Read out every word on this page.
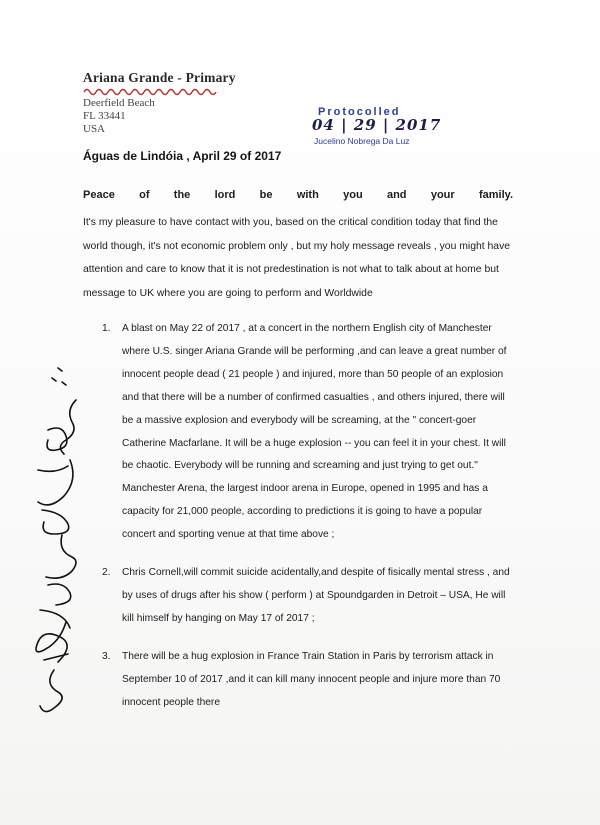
Ariana Grande - Primary
Deerfield Beach
FL 33441
USA
Protocolled
04 | 29 | 2017
Jucelino Nobrega Da Luz
Águas de Lindóia , April 29 of 2017

Peace of the lord be with you and your family.

It's my pleasure to have contact with you, based on the critical condition today that find the world though, it's not economic problem only , but my holy message reveals , you might have attention and care to know that it is not predestination is not what to talk about at home but message to UK where you are going to perform and Worldwide

1. A blast on May 22 of 2017 , at a concert in the northern English city of Manchester where U.S. singer Ariana Grande will be performing ,and can leave a great number of innocent people dead ( 21 people ) and injured, more than 50 people of an explosion and that there will be a number of confirmed casualties , and others injured, there will be a massive explosion and everybody will be screaming, at the " concert-goer Catherine Macfarlane. It will be a huge explosion -- you can feel it in your chest. It will be chaotic. Everybody will be running and screaming and just trying to get out." Manchester Arena, the largest indoor arena in Europe, opened in 1995 and has a capacity for 21,000 people, according to predictions it is going to have a popular concert and sporting venue at that time above ;
2. Chris Cornell,will commit suicide acidentally,and despite of fisically mental stress , and by uses of drugs after his show ( perform ) at Spoundgarden in Detroit – USA, He will kill himself by hanging on May 17 of 2017 ;
3. There will be a hug explosion in France Train Station in Paris by terrorism attack in September 10 of 2017 ,and it can kill many innocent people and injure more than 70 innocent people there
